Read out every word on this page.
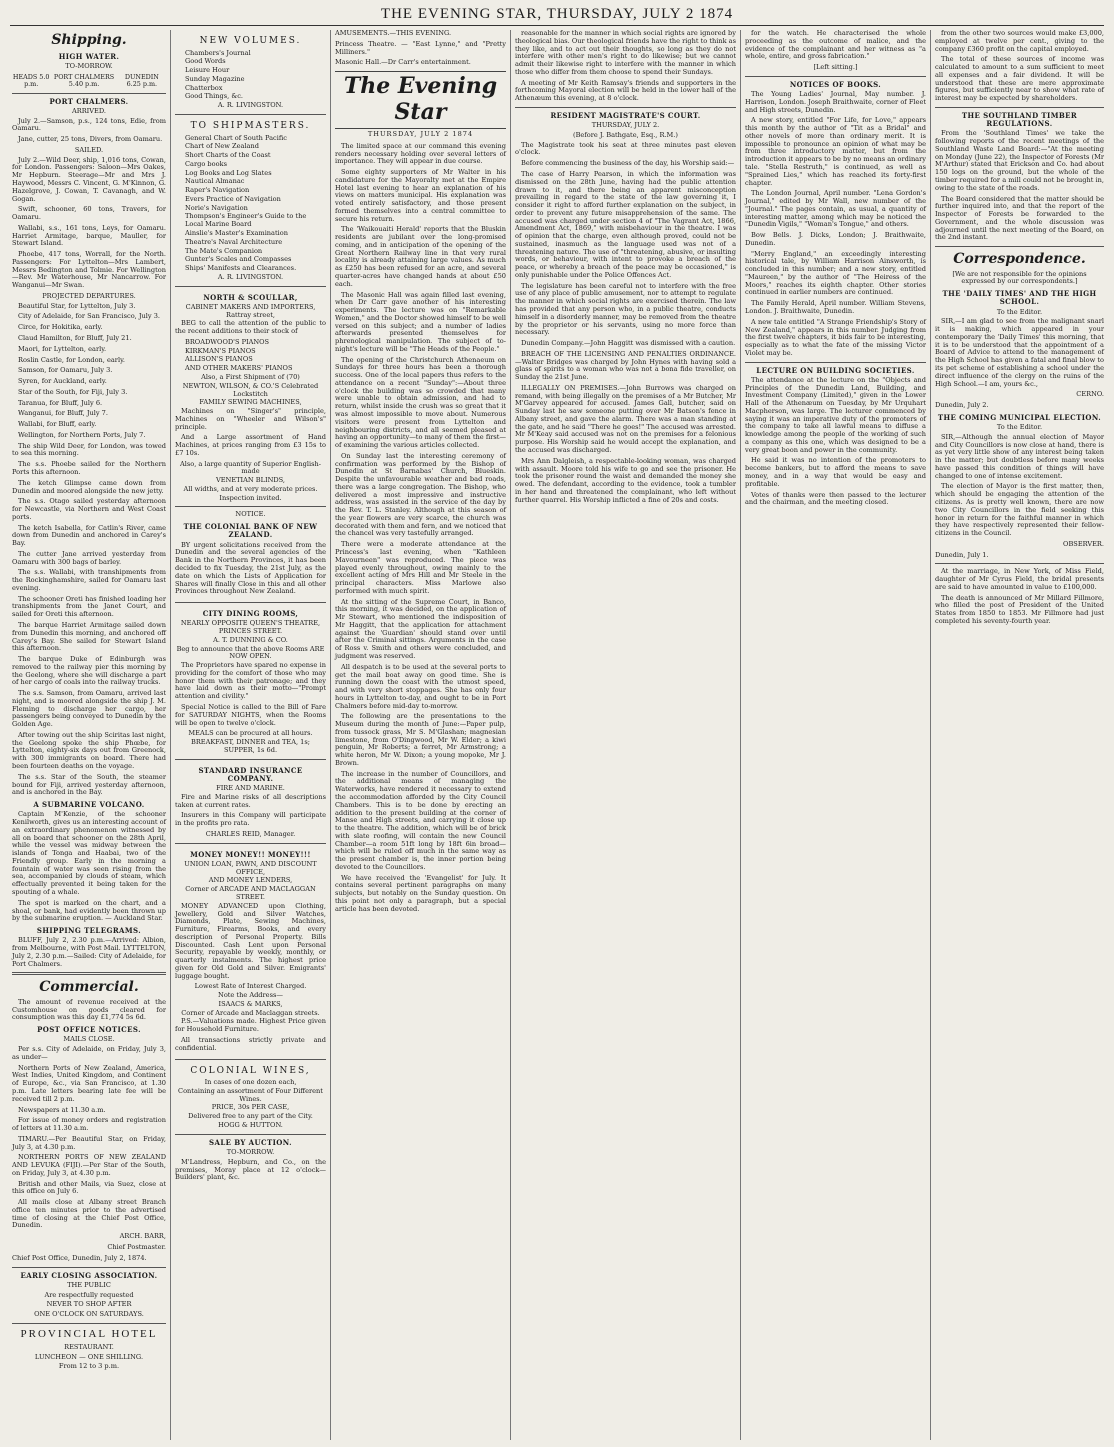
THE EVENING STAR, THURSDAY, JULY 2 1874
Shipping.
HIGH WATER.
TO-MORROW.
HEADS 5.0 p.m.
PORT CHALMERS 5.40 p.m.
DUNEDIN 6.25 p.m.
PORT CHALMERS.
ARRIVED.

July 2.—Samson, p.s., 124 tons, Edie, from Oamaru.

Jane, cutter, 25 tons, Divers, from Oamaru.

SAILED.

July 2.—Wild Deer, ship, 1,016 tons, Cowan, for London. Passengers: Saloon—Mrs Oakes, Mr Hepburn. Steerage—Mr and Mrs J. Haywood, Messrs C. Vincent, G. M'Kinnon, G. Hazelgrove, J. Cowan, T. Cavanagh, and W. Gogan.

Swift, schooner, 60 tons, Travers, for Oamaru.

Wallabi, s.s., 161 tons, Leys, for Oamaru. Harriet Armitage, barque, Mauller, for Stewart Island.

Phoebe, 417 tons, Worrall, for the North. Passengers: For Lyttelton—Mrs Lambert, Messrs Bedington and Tolmie. For Wellington—Rev. Mr Waterhouse, Mr Nancarrow. For Wanganui—Mr Swan.

PROJECTED DEPARTURES.

Beautiful Star, for Lyttelton, July 3.

City of Adelaide, for San Francisco, July 3.

Circe, for Hokitika, early.

Claud Hamilton, for Bluff, July 21.

Maori, for Lyttelton, early.

Roslin Castle, for London, early.

Samson, for Oamaru, July 3.

Syren, for Auckland, early.

Star of the South, for Fiji, July 3.

Taranua, for Bluff, July 6.

Wanganui, for Bluff, July 7.

Wallabi, for Bluff, early.

Wellington, for Northern Ports, July 7.

The ship Wild Deer, for London, was towed to sea this morning.

The s.s. Phoebe sailed for the Northern Ports this afternoon.

The ketch Glimpse came down from Dunedin and moored alongside the new jetty.

The s.s. Otago sailed yesterday afternoon for Newcastle, via Northern and West Coast ports.

The ketch Isabella, for Catlin's River, came down from Dunedin and anchored in Carey's Bay.

The cutter Jane arrived yesterday from Oamaru with 300 bags of barley.

The s.s. Wallabi, with transhipments from the Rockinghamshire, sailed for Oamaru last evening.

The schooner Oreti has finished loading her transhipments from the Janet Court, and sailed for Oreti this afternoon.

The barque Harriet Armitage sailed down from Dunedin this morning, and anchored off Carey's Bay. She sailed for Stewart Island this afternoon.

The barque Duke of Edinburgh was removed to the railway pier this morning by the Geelong, where she will discharge a part of her cargo of coals into the railway trucks.

The s.s. Samson, from Oamaru, arrived last night, and is moored alongside the ship J. M. Fleming to discharge her cargo, her passengers being conveyed to Dunedin by the Golden Age.

After towing out the ship Sciritas last night, the Geelong spoke the ship Phœbe, for Lyttelton, eighty-six days out from Greenock, with 300 immigrants on board. There had been fourteen deaths on the voyage.

The s.s. Star of the South, the steamer bound for Fiji, arrived yesterday afternoon, and is anchored in the Bay.

A SUBMARINE VOLCANO.

Captain M'Kenzie, of the schooner Kenilworth, gives us an interesting account of an extraordinary phenomenon witnessed by all on board that schooner on the 28th April, while the vessel was midway between the islands of Tonga and Haabai, two of the Friendly group. Early in the morning a fountain of water was seen rising from the sea, accompanied by clouds of steam, which effectually prevented it being taken for the spouting of a whale.

The spot is marked on the chart, and a shoal, or bank, had evidently been thrown up by the submarine eruption. — Auckland Star.

SHIPPING TELEGRAMS.

BLUFF, July 2, 2.30 p.m.—Arrived: Albion, from Melbourne, with Post Mail. LYTTELTON, July 2, 2.30 p.m.—Sailed: City of Adelaide, for Port Chalmers.

Commercial.

The amount of revenue received at the Customhouse on goods cleared for consumption was this day £1,774 5s 6d.

POST OFFICE NOTICES.
MAILS CLOSE.

Per s.s. City of Adelaide, on Friday, July 3, as under—

Northern Ports of New Zealand, America, West Indies, United Kingdom, and Continent of Europe, &c., via San Francisco, at 1.30 p.m. Late letters bearing late fee will be received till 2 p.m.

Newspapers at 11.30 a.m.

For issue of money orders and registration of letters at 11.30 a.m.

TIMARU.—Per Beautiful Star, on Friday, July 3, at 4.30 p.m.

NORTHERN PORTS OF NEW ZEALAND AND LEVUKA (FIJI).—Per Star of the South, on Friday, July 3, at 4.30 p.m.

British and other Mails, via Suez, close at this office on July 6.

All mails close at Albany street Branch office ten minutes prior to the advertised time of closing at the Chief Post Office, Dunedin.

ARCH. BARR,

Chief Postmaster.

Chief Post Office, Dunedin, July 2, 1874.

EARLY CLOSING ASSOCIATION.
THE PUBLIC
Are respectfully requested
NEVER TO SHOP AFTER
ONE O'CLOCK ON SATURDAYS.
PROVINCIAL HOTEL
RESTAURANT.
LUNCHEON — ONE SHILLING.
From 12 to 3 p.m.
NEW VOLUMES.
Chambers's Journal
Good Words
Leisure Hour
Sunday Magazine
Chatterbox
Good Things, &c.
A. R. LIVINGSTON.
TO SHIPMASTERS.
General Chart of South Pacific
Chart of New Zealand
Short Charts of the Coast
Cargo books
Log Books and Log Slates
Nautical Almanac
Raper's Navigation
Evers Practice of Navigation
Norie's Navigation
Thompson's Engineer's Guide to the Local Marine Board
Ainslie's Master's Examination
Theatre's Naval Architecture
The Mate's Companion
Gunter's Scales and Compasses
Ships' Manifests and Clearances.
A. R. LIVINGSTON.
NORTH & SCOULLAR,
CABINET MAKERS AND IMPORTERS, Rattray street,

BEG to call the attention of the public to the recent additions to their stock of

BROADWOOD'S PIANOS
KIRKMAN'S PIANOS
ALLISON'S PIANOS
AND OTHER MAKERS' PIANOS
Also, a First Shipment of (70)
NEWTON, WILSON, & CO.'S Celebrated Lockstitch
FAMILY SEWING MACHINES,

Machines on "Singer's" principle, Machines on "Wheeler and Wilson's" principle.

And a Large assortment of Hand Machines, at prices ranging from £3 15s to £7 10s.

Also, a large quantity of Superior English-made
VENETIAN BLINDS,
All widths, and at very moderate prices.
Inspection invited.
NOTICE.
THE COLONIAL BANK OF NEW ZEALAND.

BY urgent solicitations received from the Dunedin and the several agencies of the Bank in the Northern Provinces, it has been decided to fix Tuesday, the 21st July, as the date on which the Lists of Application for Shares will finally Close in this and all other Provinces throughout New Zealand.

CITY DINING ROOMS,
NEARLY OPPOSITE QUEEN'S THEATRE, PRINCES STREET.
A. T. DUNNING & CO.
Beg to announce that the above Rooms ARE NOW OPEN.

The Proprietors have spared no expense in providing for the comfort of those who may honor them with their patronage; and they have laid down as their motto—"Prompt attention and civility."

Special Notice is called to the Bill of Fare for SATURDAY NIGHTS, when the Rooms will be open to twelve o'clock.

MEALS can be procured at all hours.
BREAKFAST, DINNER and TEA, 1s; SUPPER, 1s 6d.
STANDARD INSURANCE COMPANY.
FIRE AND MARINE.

Fire and Marine risks of all descriptions taken at current rates.

Insurers in this Company will participate in the profits pro rata.

CHARLES REID, Manager.
MONEY MONEY!! MONEY!!!
UNION LOAN, PAWN, AND DISCOUNT OFFICE,
AND MONEY LENDERS,
Corner of ARCADE AND MACLAGGAN STREET.

MONEY ADVANCED upon Clothing, Jewellery, Gold and Silver Watches, Diamonds, Plate, Sewing Machines, Furniture, Firearms, Books, and every description of Personal Property. Bills Discounted. Cash Lent upon Personal Security, repayable by weekly, monthly, or quarterly instalments. The highest price given for Old Gold and Silver. Emigrants' luggage bought.

Lowest Rate of Interest Charged.
Note the Address—
ISAACS & MARKS,
Corner of Arcade and Maclaggan streets.

P.S.—Valuations made. Highest Price given for Household Furniture.

All transactions strictly private and confidential.

COLONIAL WINES,
In cases of one dozen each,
Containing an assortment of Four Different Wines.
PRICE, 30s PER CASE,
Delivered free to any part of the City.
HOGG & HUTTON.
SALE BY AUCTION.
TO-MORROW.

M'Landress, Hepburn, and Co., on the premises, Moray place at 12 o'clock—Builders' plant, &c.

AMUSEMENTS.—THIS EVENING.

Princess Theatre. — "East Lynne," and "Pretty Milliners."

Masonic Hall.—Dr Carr's entertainment.

The Evening Star
THURSDAY, JULY 2 1874

The limited space at our command this evening renders necessary holding over several letters of importance. They will appear in due course.

Some eighty supporters of Mr Walter in his candidature for the Mayoralty met at the Empire Hotel last evening to hear an explanation of his views on matters municipal. His explanation was voted entirely satisfactory, and those present formed themselves into a central committee to secure his return.

The 'Waikouaiti Herald' reports that the Bluskin residents are jubilant over the long-promised coming, and in anticipation of the opening of the Great Northern Railway line in that very rural locality is already attaining large values. As much as £250 has been refused for an acre, and several quarter-acres have changed hands at about £50 each.

The Masonic Hall was again filled last evening, when Dr Carr gave another of his interesting experiments. The lecture was on "Remarkable Women," and the Doctor showed himself to be well versed on this subject; and a number of ladies afterwards presented themselves for phrenological manipulation. The subject of to-night's lecture will be "The Heads of the People."

The opening of the Christchurch Athenaeum on Sundays for three hours has been a thorough success. One of the local papers thus refers to the attendance on a recent "Sunday":—About three o'clock the building was so crowded that many were unable to obtain admission, and had to return, whilst inside the crush was so great that it was almost impossible to move about. Numerous visitors were present from Lyttelton and neighbouring districts, and all seemed pleased at having an opportunity—to many of them the first—of examining the various articles collected.

On Sunday last the interesting ceremony of confirmation was performed by the Bishop of Dunedin at St Barnabas' Church, Blueskin. Despite the unfavourable weather and bad roads, there was a large congregation. The Bishop, who delivered a most impressive and instructive address, was assisted in the service of the day by the Rev. T. L. Stanley. Although at this season of the year flowers are very scarce, the church was decorated with them and fern, and we noticed that the chancel was very tastefully arranged.

There were a moderate attendance at the Princess's last evening, when "Kathleen Mavourneen" was reproduced. The piece was played evenly throughout, owing mainly to the excellent acting of Mrs Hill and Mr Steele in the principal characters. Miss Marlowe also performed with much spirit.

At the sitting of the Supreme Court, in Banco, this morning, it was decided, on the application of Mr Stewart, who mentioned the indisposition of Mr Haggitt, that the application for attachment against the 'Guardian' should stand over until after the Criminal sittings. Arguments in the case of Ross v. Smith and others were concluded, and judgment was reserved.

All despatch is to be used at the several ports to get the mail boat away on good time. She is running down the coast with the utmost speed, and with very short stoppages. She has only four hours in Lyttelton to-day, and ought to be in Port Chalmers before mid-day to-morrow.

The following are the presentations to the Museum during the month of June:—Paper pulp, from tussock grass, Mr S. M'Glashan; magnesian limestone, from O'Dingwood, Mr W. Elder; a kiwi penguin, Mr Roberts; a ferret, Mr Armstrong; a white heron, Mr W. Dixon; a young mopoke, Mr J. Brown.

The increase in the number of Councillors, and the additional means of managing the Waterworks, have rendered it necessary to extend the accommodation afforded by the City Council Chambers. This is to be done by erecting an addition to the present building at the corner of Manse and High streets, and carrying it close up to the theatre. The addition, which will be of brick with slate roofing, will contain the new Council Chamber—a room 51ft long by 18ft 6in broad—which will be ruled off much in the same way as the present chamber is, the inner portion being devoted to the Councillors.

We have received the 'Evangelist' for July. It contains several pertinent paragraphs on many subjects, but notably on the Sunday question. On this point not only a paragraph, but a special article has been devoted.

reasonable for the manner in which social rights are ignored by theological bias. Our theological friends have the right to think as they like, and to act out their thoughts, so long as they do not interfere with other men's right to do likewise; but we cannot admit their likewise right to interfere with the manner in which those who differ from them choose to spend their Sundays.

A meeting of Mr Keith Ramsay's friends and supporters in the forthcoming Mayoral election will be held in the lower hall of the Athenæum this evening, at 8 o'clock.

RESIDENT MAGISTRATE'S COURT.
THURSDAY, JULY 2.
(Before J. Bathgate, Esq., R.M.)

The Magistrate took his seat at three minutes past eleven o'clock.

Before commencing the business of the day, his Worship said:—

The case of Harry Pearson, in which the information was dismissed on the 28th June, having had the public attention drawn to it, and there being an apparent misconception prevailing in regard to the state of the law governing it, I consider it right to afford further explanation on the subject, in order to prevent any future misapprehension of the same. The accused was charged under section 4 of "The Vagrant Act, 1866, Amendment Act, 1869," with misbehaviour in the theatre. I was of opinion that the charge, even although proved, could not be sustained, inasmuch as the language used was not of a threatening nature. The use of "threatening, abusive, or insulting words, or behaviour, with intent to provoke a breach of the peace, or whereby a breach of the peace may be occasioned," is only punishable under the Police Offences Act.

The legislature has been careful not to interfere with the free use of any place of public amusement, nor to attempt to regulate the manner in which social rights are exercised therein. The law has provided that any person who, in a public theatre, conducts himself in a disorderly manner, may be removed from the theatre by the proprietor or his servants, using no more force than necessary.

Dunedin Company.—John Haggitt was dismissed with a caution.

BREACH OF THE LICENSING AND PENALTIES ORDINANCE.—Walter Bridges was charged by John Hynes with having sold a glass of spirits to a woman who was not a bona fide traveller, on Sunday the 21st June.

ILLEGALLY ON PREMISES.—John Burrows was charged on remand, with being illegally on the premises of a Mr Butcher, Mr M'Garvey appeared for accused. James Gall, butcher, said on Sunday last he saw someone putting over Mr Batson's fence in Albany street, and gave the alarm. There was a man standing at the gate, and he said "There he goes!" The accused was arrested. Mr M'Keay said accused was not on the premises for a felonious purpose. His Worship said he would accept the explanation, and the accused was discharged.

Mrs Ann Dalgleish, a respectable-looking woman, was charged with assault. Moore told his wife to go and see the prisoner. He took the prisoner round the waist and demanded the money she owed. The defendant, according to the evidence, took a tumbler in her hand and threatened the complainant, who left without further quarrel. His Worship inflicted a fine of 20s and costs.

for the watch. He characterised the whole proceeding as the outcome of malice, and the evidence of the complainant and her witness as "a whole, entire, and gross fabrication."

[Left sitting.]

NOTICES OF BOOKS.

The Young Ladies' Journal, May number. J. Harrison, London. Joseph Braithwaite, corner of Fleet and High streets, Dunedin.

A new story, entitled "For Life, for Love," appears this month by the author of "Tit as a Bridal" and other novels of more than ordinary merit. It is impossible to pronounce an opinion of what may be from three introductory matter, but from the introduction it appears to be by no means an ordinary tale. "Stella Restruth," is continued, as well as "Sprained Lies," which has reached its forty-first chapter.

The London Journal, April number. "Lena Gordon's Journal," edited by Mr Wall, new number of the "Journal." The pages contain, as usual, a quantity of interesting matter, among which may be noticed the "Dunedin Vigils," "Woman's Tongue," and others.

Bow Bells. J. Dicks, London; J. Braithwaite, Dunedin.

"Merry England," an exceedingly interesting historical tale, by William Harrison Ainsworth, is concluded in this number; and a new story, entitled "Maureen," by the author of "The Heiress of the Moors," reaches its eighth chapter. Other stories continued in earlier numbers are continued.

The Family Herald, April number. William Stevens, London. J. Braithwaite, Dunedin.

A new tale entitled "A Strange Friendship's Story of New Zealand," appears in this number. Judging from the first twelve chapters, it bids fair to be interesting, especially as to what the fate of the missing Victor Violet may be.

LECTURE ON BUILDING SOCIETIES.

The attendance at the lecture on the "Objects and Principles of the Dunedin Land, Building, and Investment Company (Limited)," given in the Lower Hall of the Athenæum on Tuesday, by Mr Urquhart Macpherson, was large. The lecturer commenced by saying it was an imperative duty of the promoters of the company to take all lawful means to diffuse a knowledge among the people of the working of such a company as this one, which was designed to be a very great boon and power in the community.

He said it was no intention of the promoters to become bankers, but to afford the means to save money, and in a way that would be easy and profitable.

Votes of thanks were then passed to the lecturer and the chairman, and the meeting closed.

from the other two sources would make £3,000, employed at twelve per cent., giving to the company £360 profit on the capital employed.

The total of these sources of income was calculated to amount to a sum sufficient to meet all expenses and a fair dividend. It will be understood that these are mere approximate figures, but sufficiently near to show what rate of interest may be expected by shareholders.

THE SOUTHLAND TIMBER REGULATIONS.

From the 'Southland Times' we take the following reports of the recent meetings of the Southland Waste Land Board:—"At the meeting on Monday (June 22), the Inspector of Forests (Mr M'Arthur) stated that Erickson and Co. had about 150 logs on the ground, but the whole of the timber required for a mill could not be brought in, owing to the state of the roads.

The Board considered that the matter should be further inquired into, and that the report of the Inspector of Forests be forwarded to the Government, and the whole discussion was adjourned until the next meeting of the Board, on the 2nd instant.

Correspondence.

[We are not responsible for the opinions expressed by our correspondents.]

THE 'DAILY TIMES' AND THE HIGH SCHOOL.
To the Editor.

SIR,—I am glad to see from the malignant snarl it is making, which appeared in your contemporary the 'Daily Times' this morning, that it is to be understood that the appointment of a Board of Advice to attend to the management of the High School has given a fatal and final blow to its pet scheme of establishing a school under the direct influence of the clergy on the ruins of the High School.—I am, yours &c.,

CERNO.

Dunedin, July 2.

THE COMING MUNICIPAL ELECTION.
To the Editor.

SIR,—Although the annual election of Mayor and City Councillors is now close at hand, there is as yet very little show of any interest being taken in the matter; but doubtless before many weeks have passed this condition of things will have changed to one of intense excitement.

The election of Mayor is the first matter, then, which should be engaging the attention of the citizens. As is pretty well known, there are now two City Councillors in the field seeking this honor in return for the faithful manner in which they have respectively represented their fellow-citizens in the Council.

OBSERVER.

Dunedin, July 1.

At the marriage, in New York, of Miss Field, daughter of Mr Cyrus Field, the bridal presents are said to have amounted in value to £100,000.

The death is announced of Mr Millard Fillmore, who filled the post of President of the United States from 1850 to 1853. Mr Fillmore had just completed his seventy-fourth year.
